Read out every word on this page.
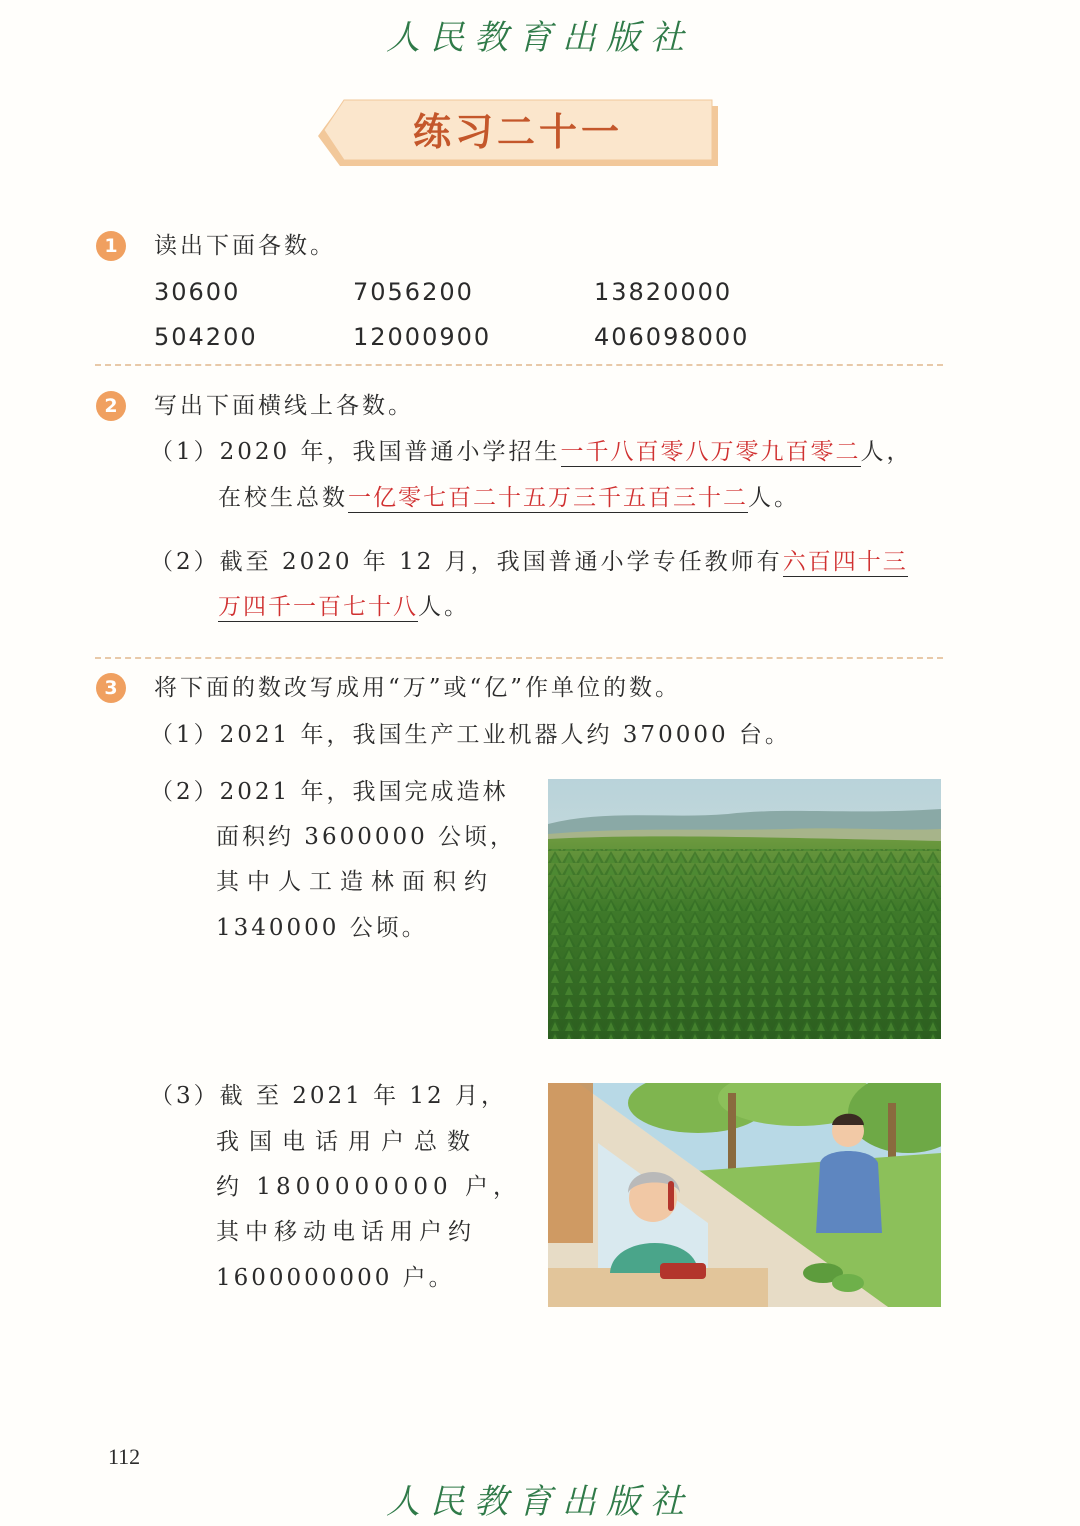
人民教育出版社
练习二十一
1	读出下面各数。
30600	7056200	13820000
504200	12000900	406098000
2	写出下面横线上各数。
（1）2020 年，我国普通小学招生一千八百零八万零九百零二人，
在校生总数一亿零七百二十五万三千五百三十二人。
（2）截至 2020 年 12 月，我国普通小学专任教师有六百四十三
万四千一百七十八人。
3	将下面的数改写成用“万”或“亿”作单位的数。
（1）2021 年，我国生产工业机器人约 370000 台。
（2）2021 年，我国完成造林
面积约 3600000 公顷，
其中人工造林面积约
1340000 公顷。
（3）截 至 2021 年 12 月，
我国电话用户总数
约 1800000000 户，
其中移动电话用户约
1600000000 户。
112
人民教育出版社
